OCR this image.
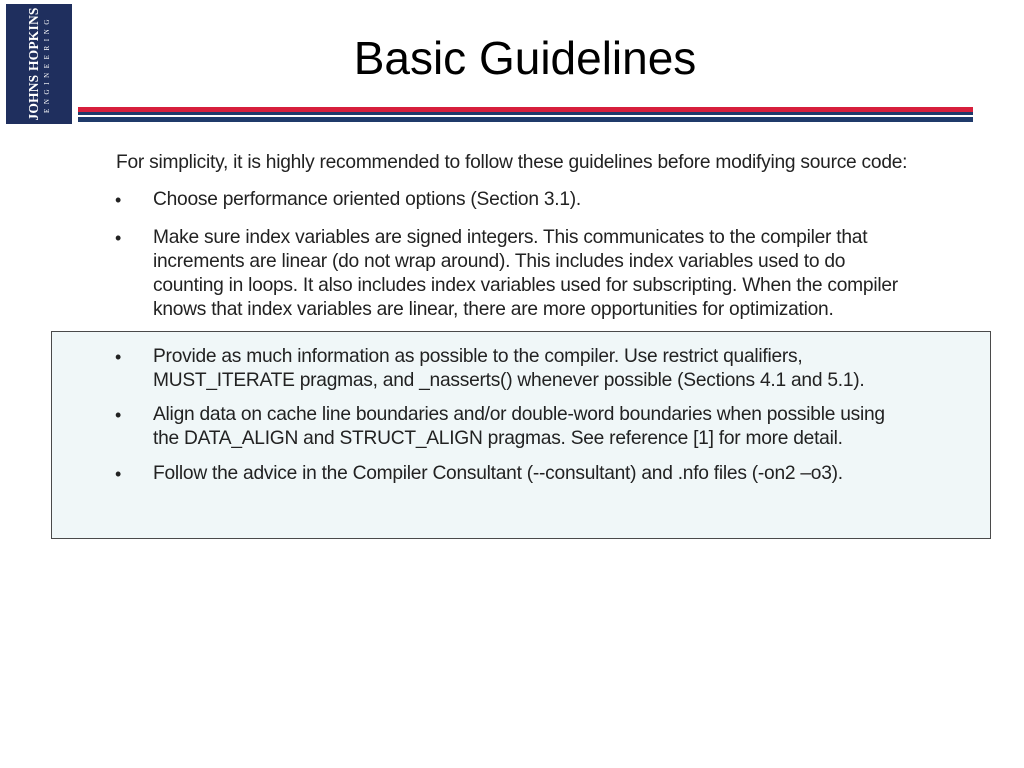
JOHNS HOPKINS ENGINEERING	Basic Guidelines

For simplicity, it is highly recommended to follow these guidelines before modifying source code:

• Choose performance oriented options (Section 3.1).
• Make sure index variables are signed integers. This communicates to the compiler that
increments are linear (do not wrap around). This includes index variables used to do
counting in loops. It also includes index variables used for subscripting. When the compiler
knows that index variables are linear, there are more opportunities for optimization.
• Provide as much information as possible to the compiler. Use restrict qualifiers,
MUST_ITERATE pragmas, and _nasserts() whenever possible (Sections 4.1 and 5.1).
• Align data on cache line boundaries and/or double-word boundaries when possible using
the DATA_ALIGN and STRUCT_ALIGN pragmas. See reference [1] for more detail.
• Follow the advice in the Compiler Consultant (--consultant) and .nfo files (-on2 –o3).
